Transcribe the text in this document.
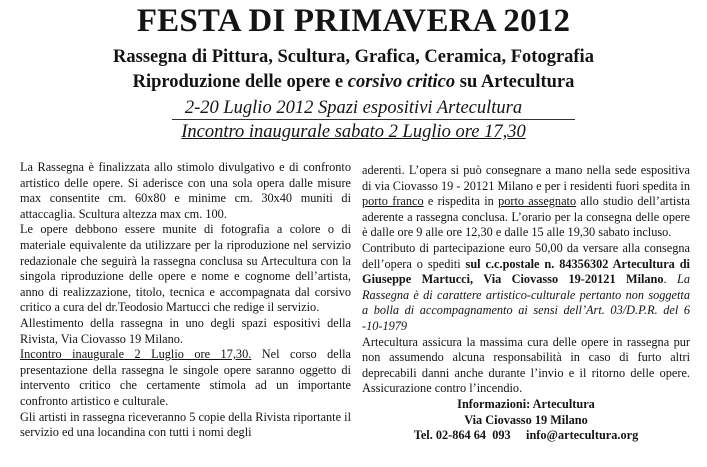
FESTA DI PRIMAVERA 2012
Rassegna di Pittura, Scultura, Grafica, Ceramica, Fotografia
Riproduzione delle opere e corsivo critico su Artecultura
2-20 Luglio 2012 Spazi espositivi Artecultura
Incontro inaugurale sabato 2 Luglio ore 17,30

La Rassegna è finalizzata allo stimolo divulgativo e di confronto artistico delle opere. Si aderisce con una sola opera dalle misure max consentite cm. 60x80 e minime cm. 30x40 muniti di attaccaglia. Scultura altezza max cm. 100.

Le opere debbono essere munite di fotografia a colore o di materiale equivalente da utilizzare per la riproduzione nel servizio redazionale che seguirà la rassegna conclusa su Artecultura con la singola riproduzione delle opere e nome e cognome dell’artista, anno di realizzazione, titolo, tecnica e accompagnata dal corsivo critico a cura del dr.Teodosio Martucci che redige il servizio.

Allestimento della rassegna in uno degli spazi espositivi della Rivista, Via Ciovasso 19 Milano.

Incontro inaugurale 2 Luglio ore 17,30. Nel corso della presentazione della rassegna le singole opere saranno oggetto di intervento critico che certamente stimola ad un importante confronto artistico e culturale.

Gli artisti in rassegna riceveranno 5 copie della Rivista riportante il servizio ed una locandina con tutti i nomi degli

aderenti. L’opera si può consegnare a mano nella sede espositiva di via Ciovasso 19 - 20121 Milano e per i residenti fuori spedita in porto franco e rispedita in porto assegnato allo studio dell’artista aderente a rassegna conclusa. L’orario per la consegna delle opere è dalle ore 9 alle ore 12,30 e dalle 15 alle 19,30 sabato incluso.

Contributo di partecipazione euro 50,00 da versare alla consegna dell’opera o spediti sul c.c.postale n. 84356302 Artecultura di Giuseppe Martucci, Via Ciovasso 19-20121 Milano. La Rassegna è di carattere artistico-culturale pertanto non soggetta a bolla di accompagnamento ai sensi dell’Art. 03/D.P.R. del 6 -10-1979

Artecultura assicura la massima cura delle opere in rassegna pur non assumendo alcuna responsabilità in caso di furto altri deprecabili danni anche durante l’invio e il ritorno delle opere. Assicurazione contro l’incendio.

Informazioni: Artecultura

Via Ciovasso 19 Milano

Tel. 02-864 64  093     info@artecultura.org
